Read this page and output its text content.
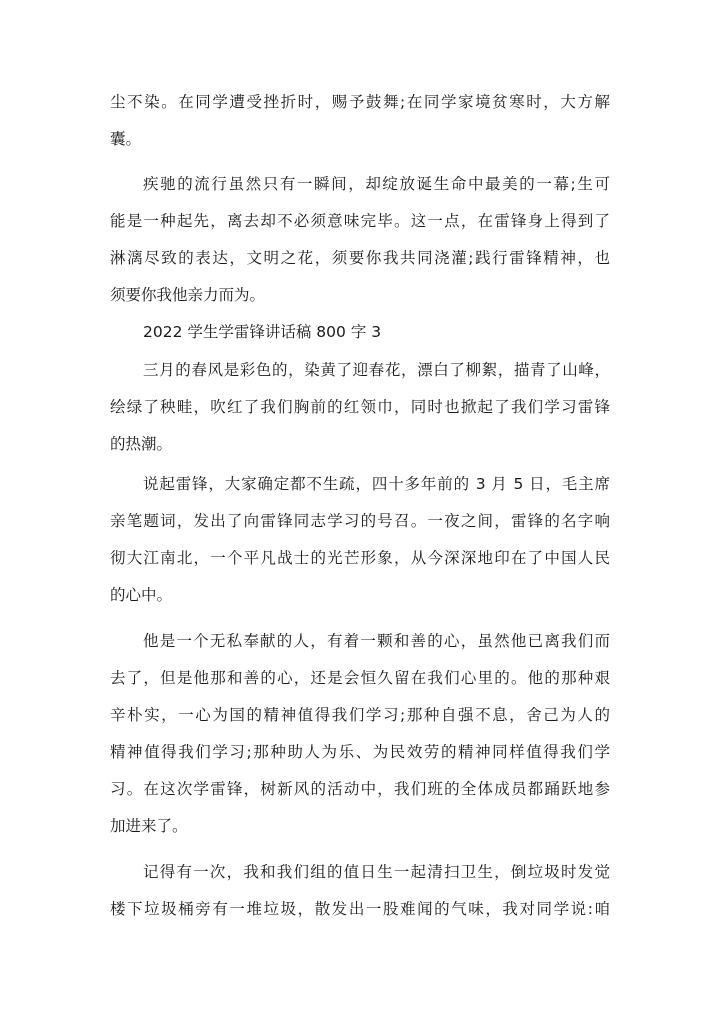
尘不染。在同学遭受挫折时，赐予鼓舞;在同学家境贫寒时，大方解
囊。
疾驰的流行虽然只有一瞬间，却绽放诞生命中最美的一幕;生可
能是一种起先，离去却不必须意味完毕。这一点，在雷锋身上得到了
淋漓尽致的表达，文明之花，须要你我共同浇灌;践行雷锋精神，也
须要你我他亲力而为。
2022 学生学雷锋讲话稿 800 字 3
三月的春风是彩色的，染黄了迎春花，漂白了柳絮，描青了山峰，
绘绿了秧畦，吹红了我们胸前的红领巾，同时也掀起了我们学习雷锋
的热潮。
说起雷锋，大家确定都不生疏，四十多年前的 3 月 5 日，毛主席
亲笔题词，发出了向雷锋同志学习的号召。一夜之间，雷锋的名字响
彻大江南北，一个平凡战士的光芒形象，从今深深地印在了中国人民
的心中。
他是一个无私奉献的人，有着一颗和善的心，虽然他已离我们而
去了，但是他那和善的心，还是会恒久留在我们心里的。他的那种艰
辛朴实，一心为国的精神值得我们学习;那种自强不息，舍己为人的
精神值得我们学习;那种助人为乐、为民效劳的精神同样值得我们学
习。在这次学雷锋，树新风的活动中，我们班的全体成员都踊跃地参
加进来了。
记得有一次，我和我们组的值日生一起清扫卫生，倒垃圾时发觉
楼下垃圾桶旁有一堆垃圾，散发出一股难闻的气味，我对同学说:咱
